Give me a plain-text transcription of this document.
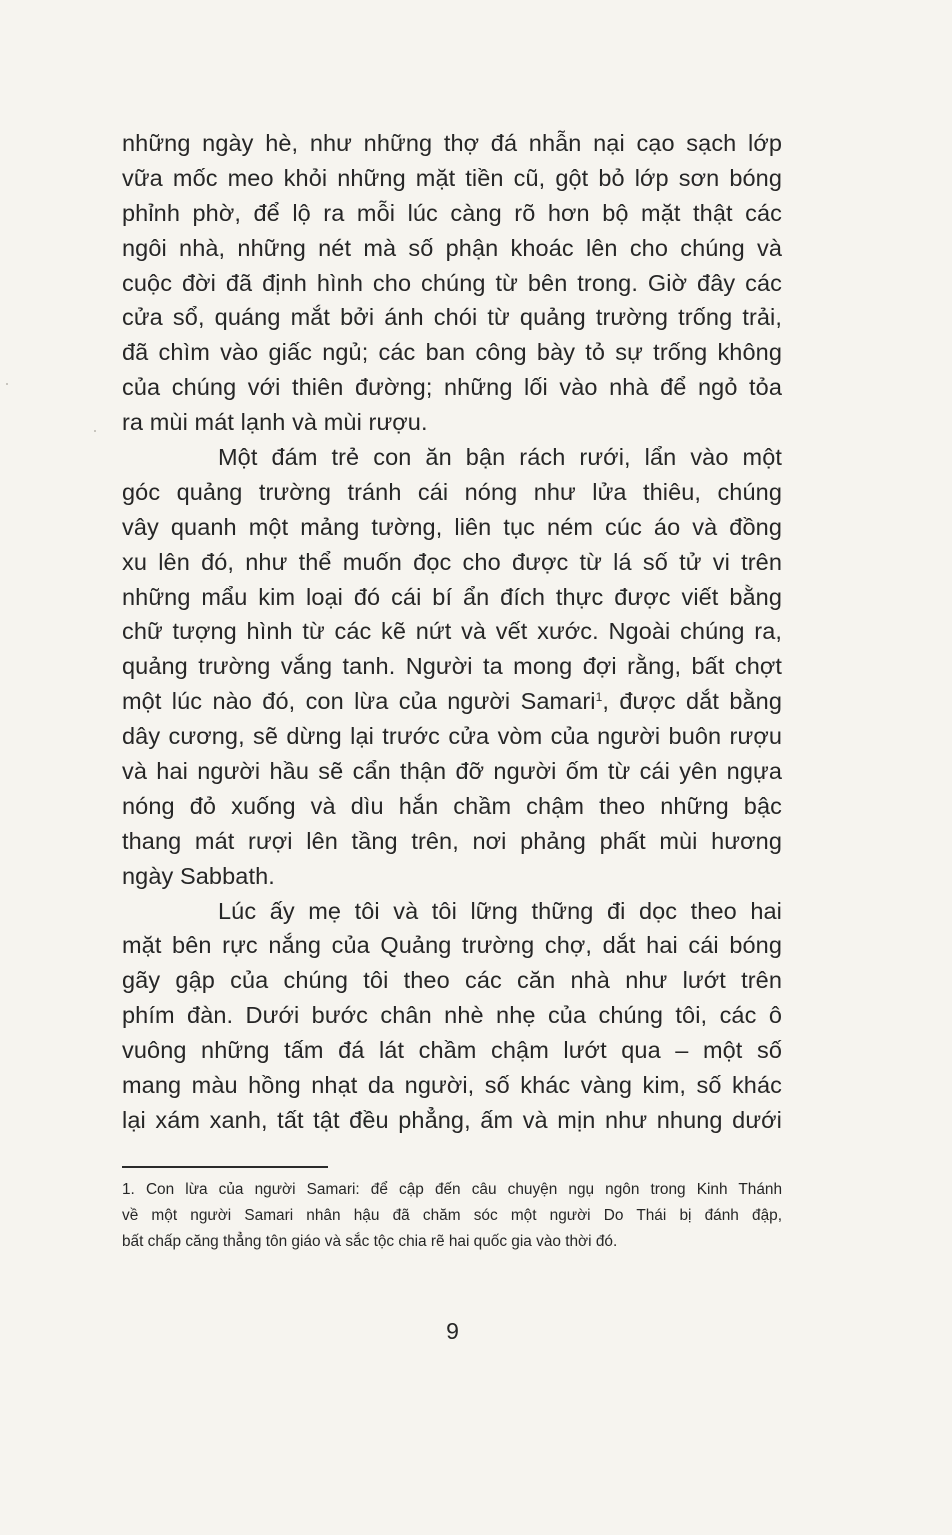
những ngày hè, như những thợ đá nhẫn nại cạo sạch lớp
vữa mốc meo khỏi những mặt tiền cũ, gột bỏ lớp sơn bóng
phỉnh phờ, để lộ ra mỗi lúc càng rõ hơn bộ mặt thật các
ngôi nhà, những nét mà số phận khoác lên cho chúng và
cuộc đời đã định hình cho chúng từ bên trong. Giờ đây các
cửa sổ, quáng mắt bởi ánh chói từ quảng trường trống trải,
đã chìm vào giấc ngủ; các ban công bày tỏ sự trống không
của chúng với thiên đường; những lối vào nhà để ngỏ tỏa
ra mùi mát lạnh và mùi rượu.
Một đám trẻ con ăn bận rách rưới, lẩn vào một
góc quảng trường tránh cái nóng như lửa thiêu, chúng
vây quanh một mảng tường, liên tục ném cúc áo và đồng
xu lên đó, như thể muốn đọc cho được từ lá số tử vi trên
những mẩu kim loại đó cái bí ẩn đích thực được viết bằng
chữ tượng hình từ các kẽ nứt và vết xước. Ngoài chúng ra,
quảng trường vắng tanh. Người ta mong đợi rằng, bất chợt
một lúc nào đó, con lừa của người Samari$^1$, được dắt bằng
dây cương, sẽ dừng lại trước cửa vòm của người buôn rượu
và hai người hầu sẽ cẩn thận đỡ người ốm từ cái yên ngựa
nóng đỏ xuống và dìu hắn chầm chậm theo những bậc
thang mát rượi lên tầng trên, nơi phảng phất mùi hương
ngày Sabbath.
Lúc ấy mẹ tôi và tôi lững thững đi dọc theo hai
mặt bên rực nắng của Quảng trường chợ, dắt hai cái bóng
gãy gập của chúng tôi theo các căn nhà như lướt trên
phím đàn. Dưới bước chân nhè nhẹ của chúng tôi, các ô
vuông những tấm đá lát chầm chậm lướt qua – một số
mang màu hồng nhạt da người, số khác vàng kim, số khác
lại xám xanh, tất tật đều phẳng, ấm và mịn như nhung dưới
1. Con lừa của người Samari: để cập đến câu chuyện ngụ ngôn trong Kinh Thánh
về một người Samari nhân hậu đã chăm sóc một người Do Thái bị đánh đập,
bất chấp căng thẳng tôn giáo và sắc tộc chia rẽ hai quốc gia vào thời đó.
9
